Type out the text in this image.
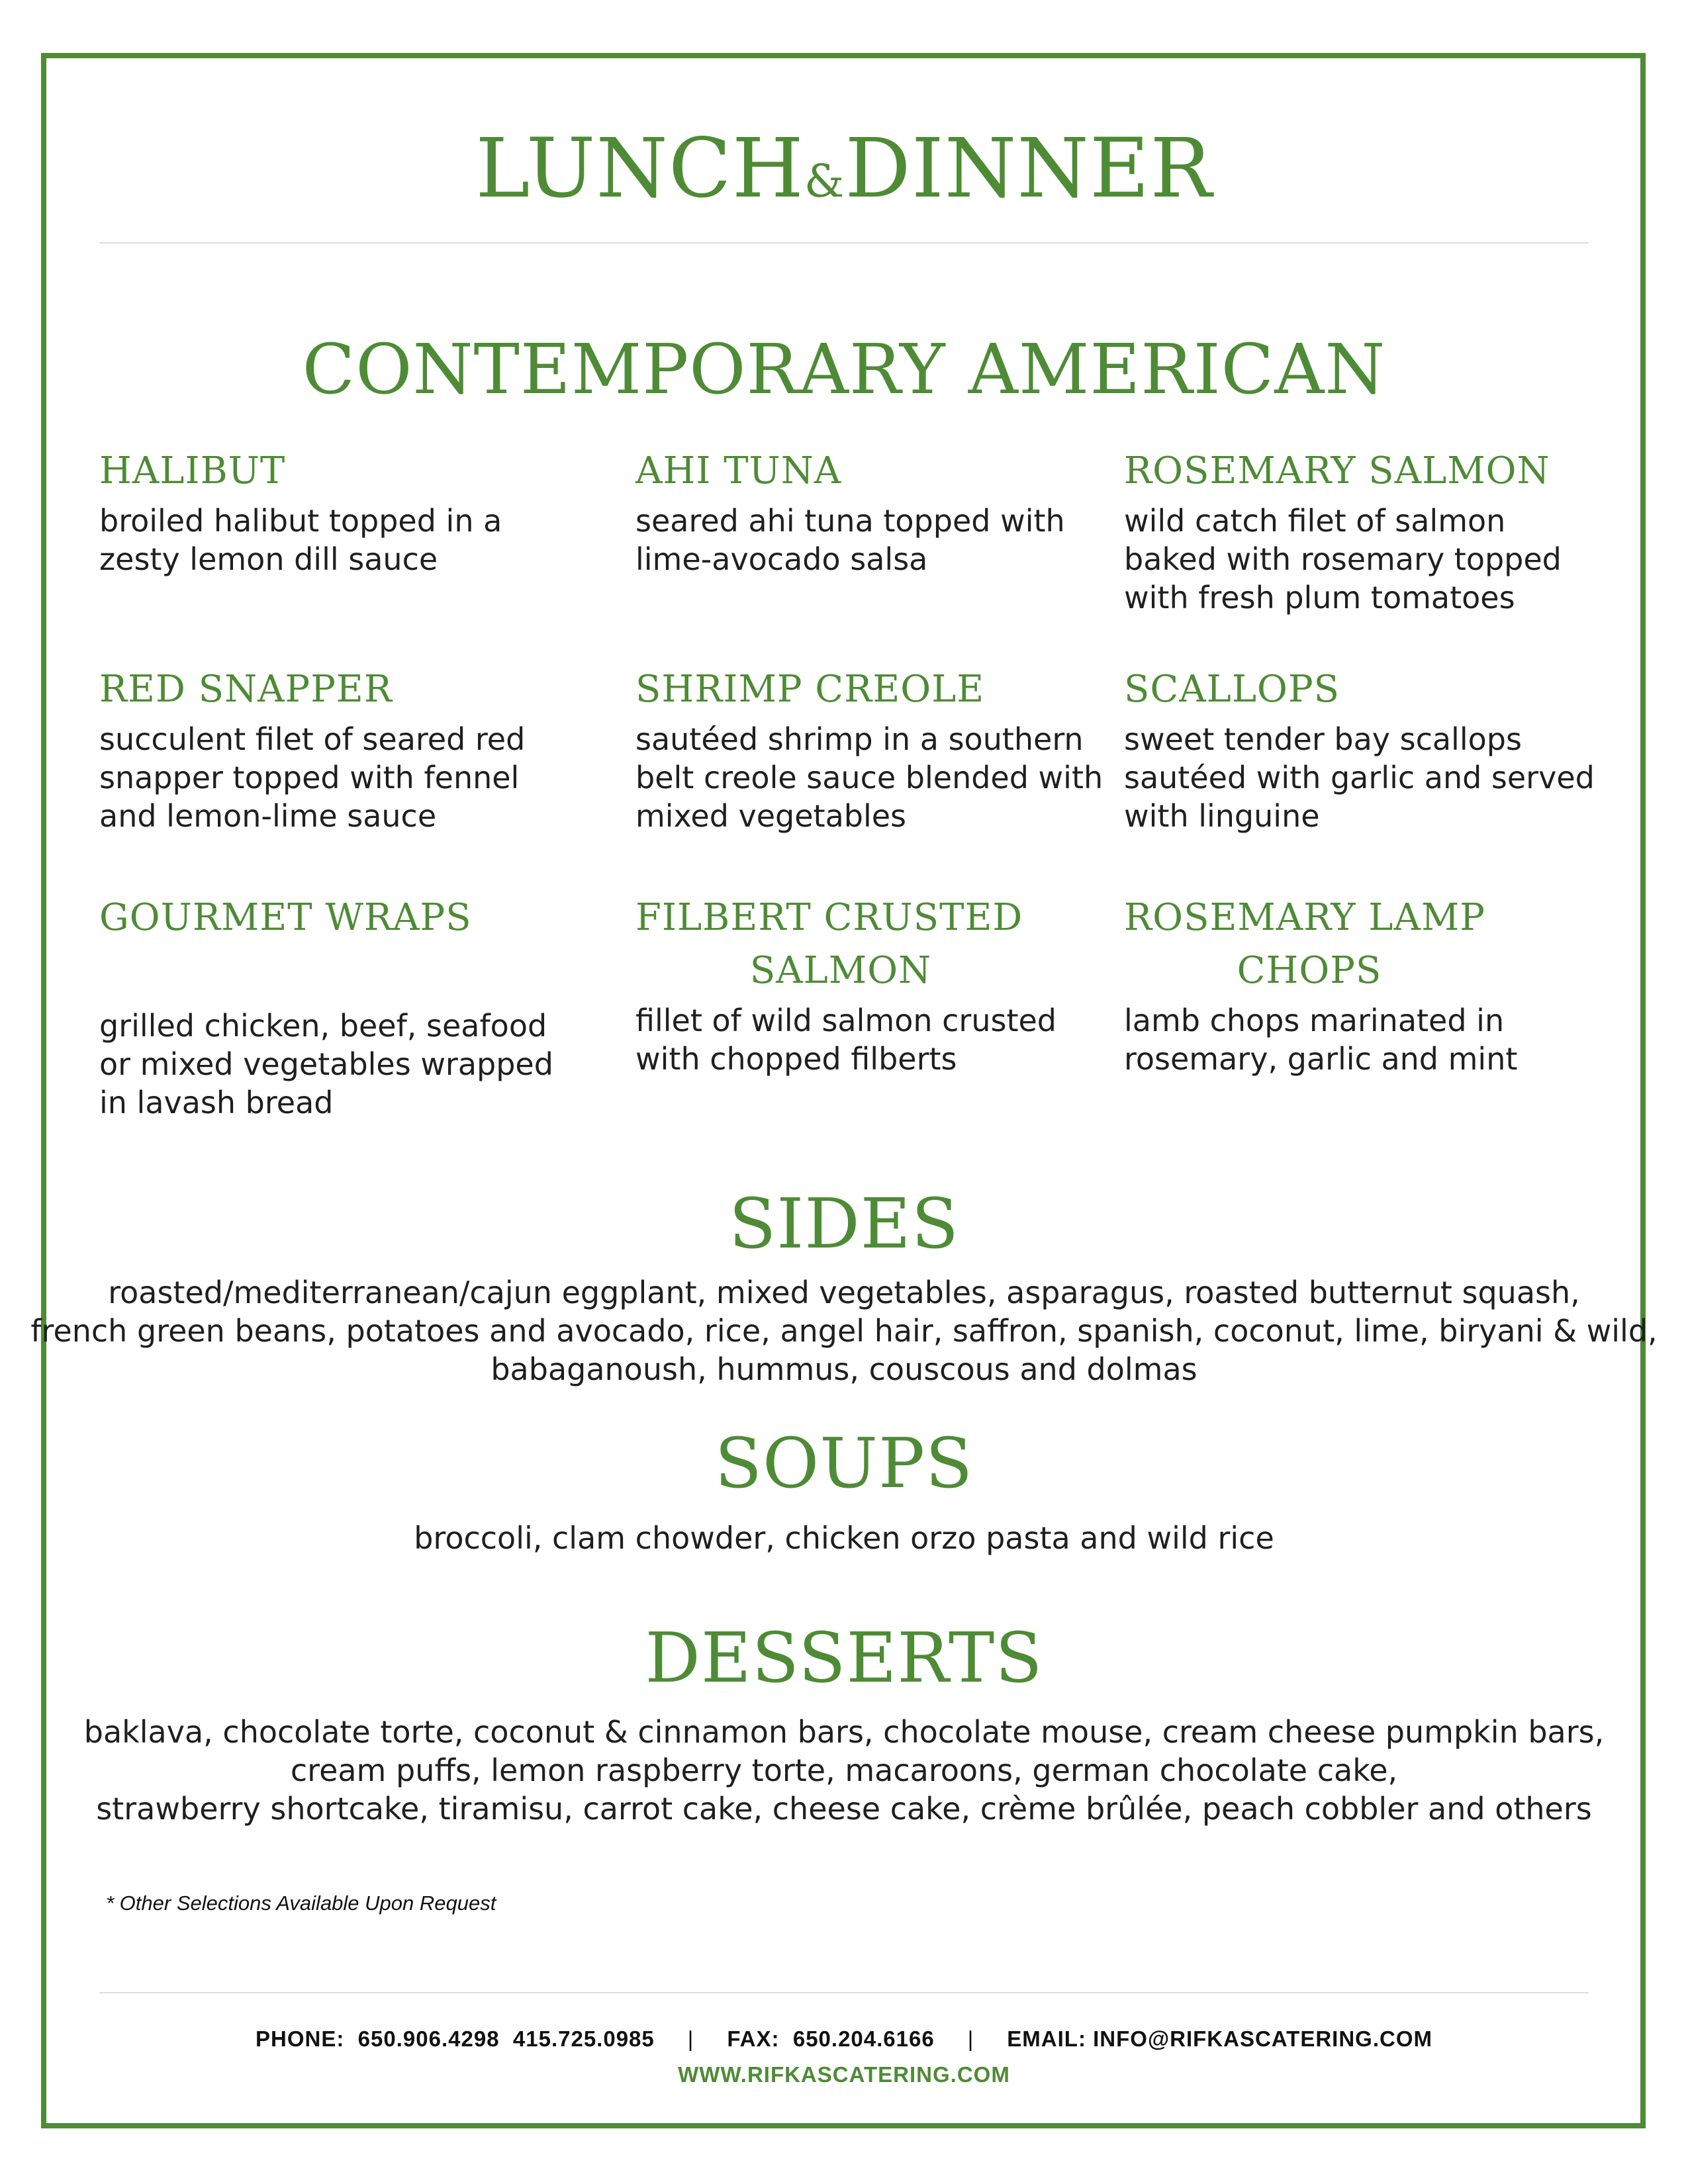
LUNCH&DINNER
CONTEMPORARY AMERICAN
HALIBUT

broiled halibut topped in a zesty lemon dill sauce

AHI TUNA

seared ahi tuna topped with lime-avocado salsa

ROSEMARY SALMON

wild catch filet of salmon baked with rosemary topped with fresh plum tomatoes

RED SNAPPER

succulent filet of seared red snapper topped with fennel and lemon-lime sauce

SHRIMP CREOLE

sautéed shrimp in a southern belt creole sauce blended with mixed vegetables

SCALLOPS

sweet tender bay scallops sautéed with garlic and served with linguine

GOURMET WRAPS

grilled chicken, beef, seafood or mixed vegetables wrapped in lavash bread

FILBERT CRUSTED
SALMON

fillet of wild salmon crusted with chopped filberts

ROSEMARY LAMP
CHOPS

lamb chops marinated in rosemary, garlic and mint

SIDES

roasted/mediterranean/cajun eggplant, mixed vegetables, asparagus, roasted butternut squash,
french green beans, potatoes and avocado, rice, angel hair, saffron, spanish, coconut, lime, biryani & wild,
babaganoush, hummus, couscous and dolmas

SOUPS

broccoli, clam chowder, chicken orzo pasta and wild rice

DESSERTS

baklava, chocolate torte, coconut & cinnamon bars, chocolate mouse, cream cheese pumpkin bars,
cream puffs, lemon raspberry torte, macaroons, german chocolate cake,
strawberry shortcake, tiramisu, carrot cake, cheese cake, crème brûlée, peach cobbler and others

* Other Selections Available Upon Request
PHONE:  650.906.4298  415.725.0985 | FAX:  650.204.6166 | EMAIL: INFO@RIFKASCATERING.COM
WWW.RIFKASCATERING.COM
